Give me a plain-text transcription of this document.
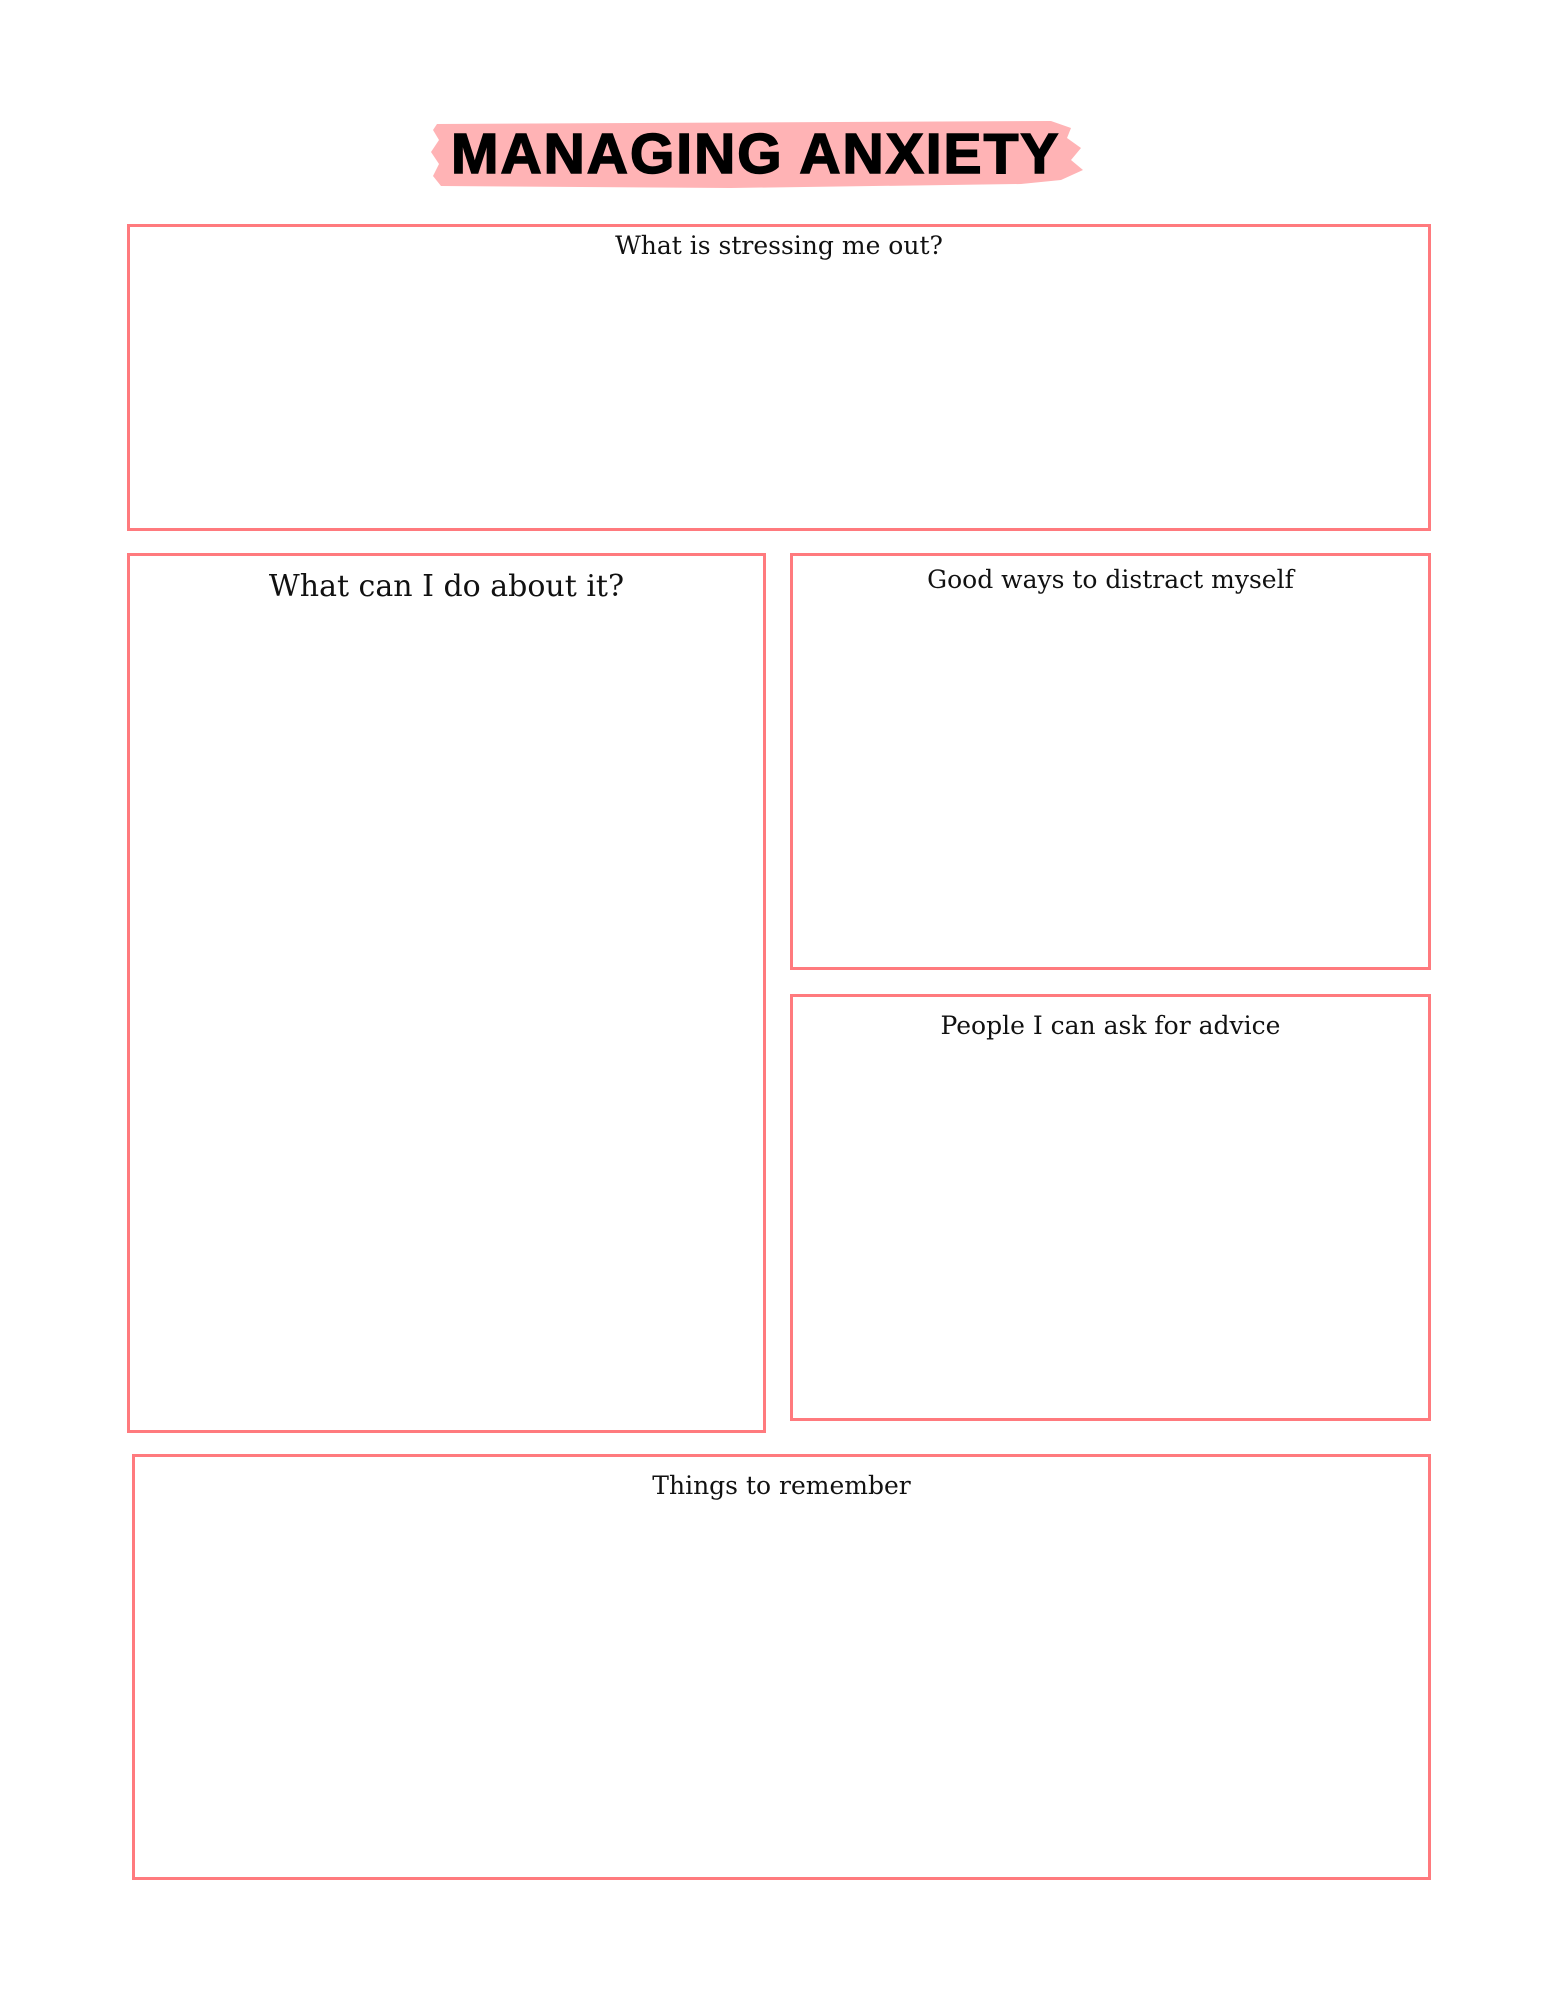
MANAGING ANXIETY
What is stressing me out?
What can I do about it?	Good ways to distract myself
People I can ask for advice
Things to remember
